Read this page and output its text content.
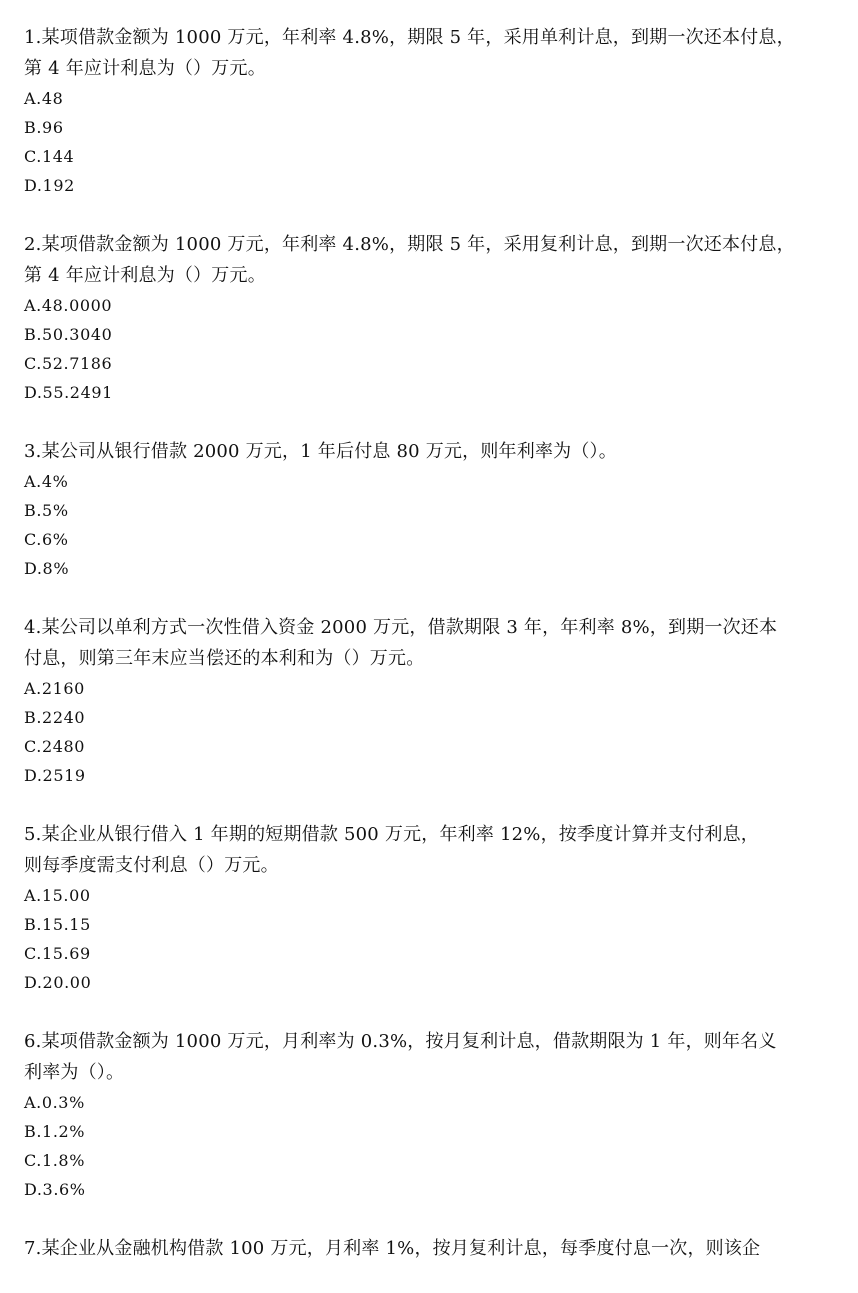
1.某项借款金额为 1000 万元，年利率 4.8%，期限 5 年，采用单利计息，到期一次还本付息，
第 4 年应计利息为（）万元。
A.48
B.96
C.144
D.192
2.某项借款金额为 1000 万元，年利率 4.8%，期限 5 年，采用复利计息，到期一次还本付息，
第 4 年应计利息为（）万元。
A.48.0000
B.50.3040
C.52.7186
D.55.2491
3.某公司从银行借款 2000 万元，1 年后付息 80 万元，则年利率为（）。
A.4%
B.5%
C.6%
D.8%
4.某公司以单利方式一次性借入资金 2000 万元，借款期限 3 年，年利率 8%，到期一次还本
付息，则第三年末应当偿还的本利和为（）万元。
A.2160
B.2240
C.2480
D.2519
5.某企业从银行借入 1 年期的短期借款 500 万元，年利率 12%，按季度计算并支付利息，
则每季度需支付利息（）万元。
A.15.00
B.15.15
C.15.69
D.20.00
6.某项借款金额为 1000 万元，月利率为 0.3%，按月复利计息，借款期限为 1 年，则年名义
利率为（）。
A.0.3%
B.1.2%
C.1.8%
D.3.6%
7.某企业从金融机构借款 100 万元，月利率 1%，按月复利计息，每季度付息一次，则该企
